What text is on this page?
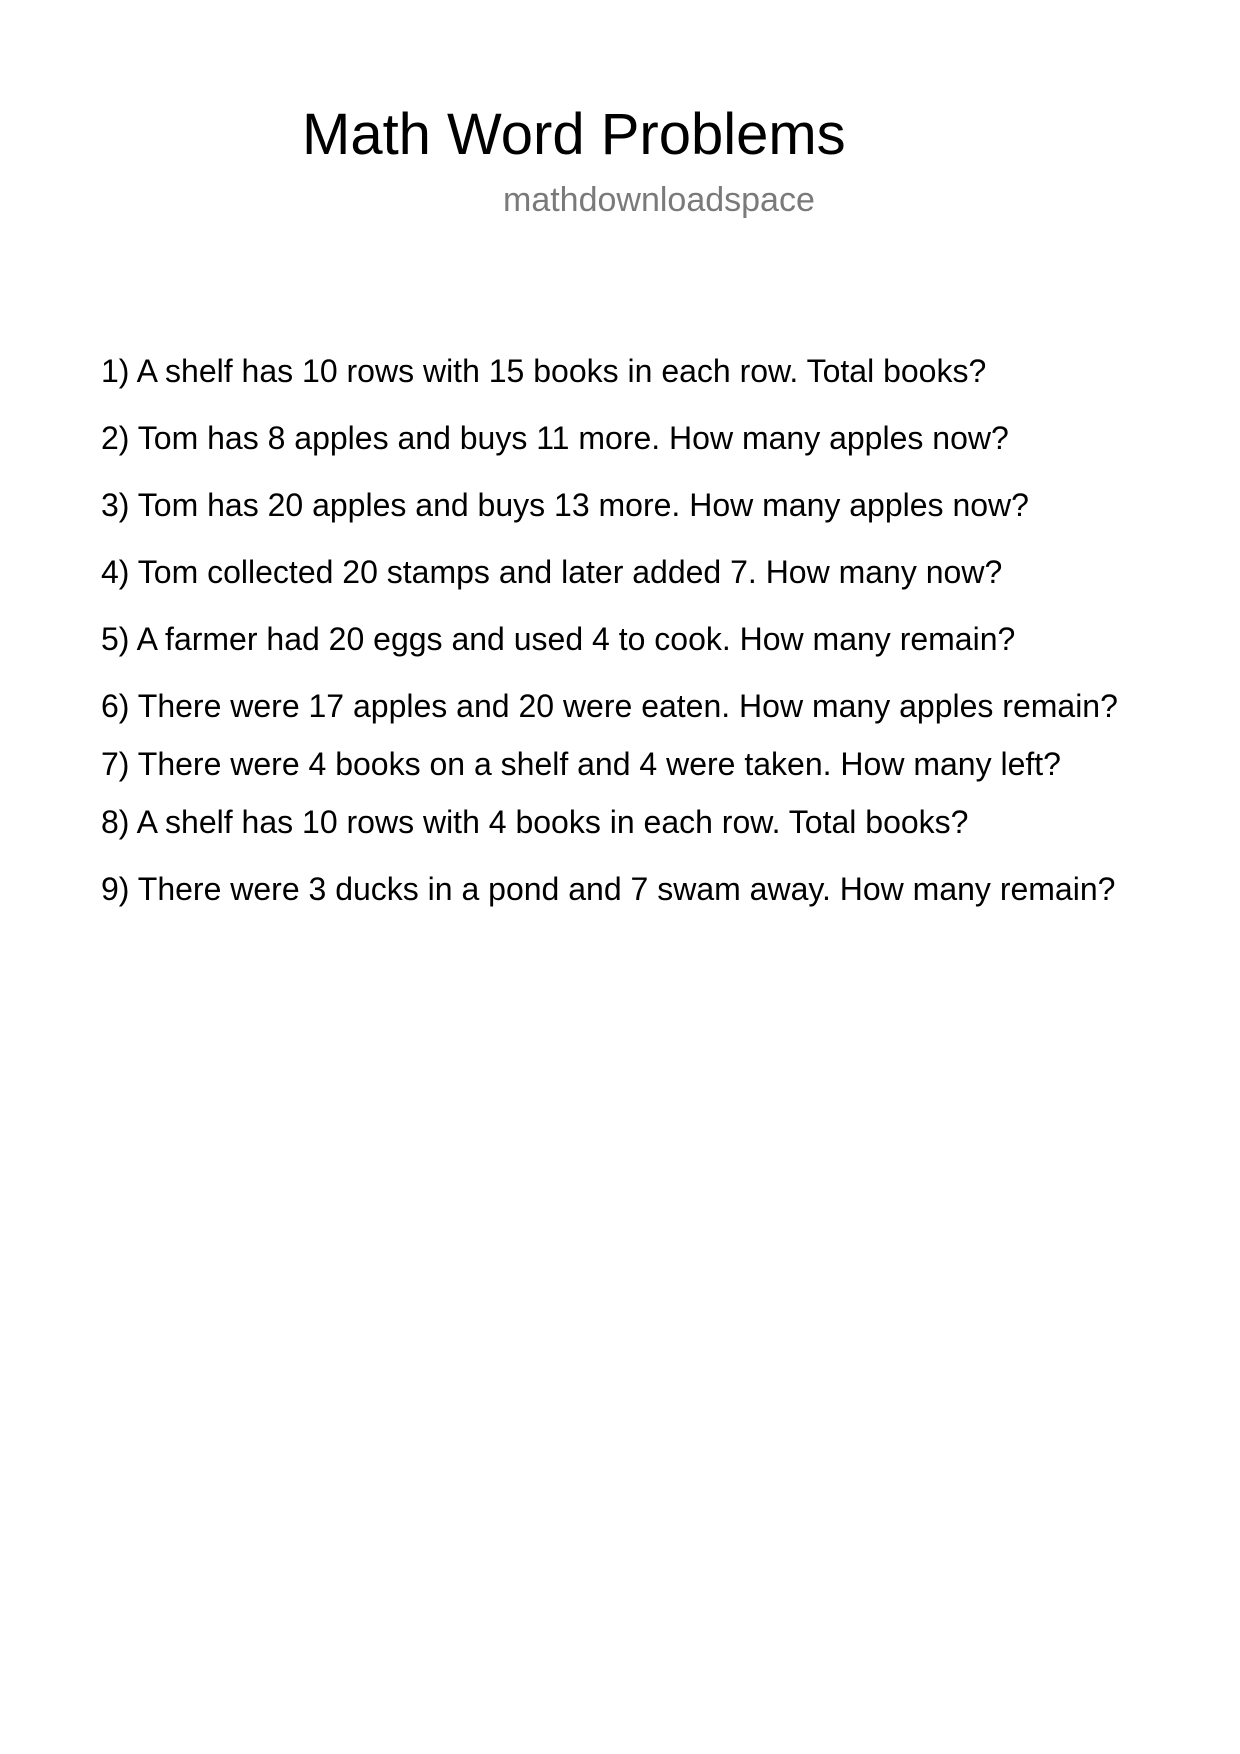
Math Word Problems
mathdownloadspace
1) A shelf has 10 rows with 15 books in each row. Total books?
2) Tom has 8 apples and buys 11 more. How many apples now?
3) Tom has 20 apples and buys 13 more. How many apples now?
4) Tom collected 20 stamps and later added 7. How many now?
5) A farmer had 20 eggs and used 4 to cook. How many remain?
6) There were 17 apples and 20 were eaten. How many apples remain?
7) There were 4 books on a shelf and 4 were taken. How many left?
8) A shelf has 10 rows with 4 books in each row. Total books?
9) There were 3 ducks in a pond and 7 swam away. How many remain?
